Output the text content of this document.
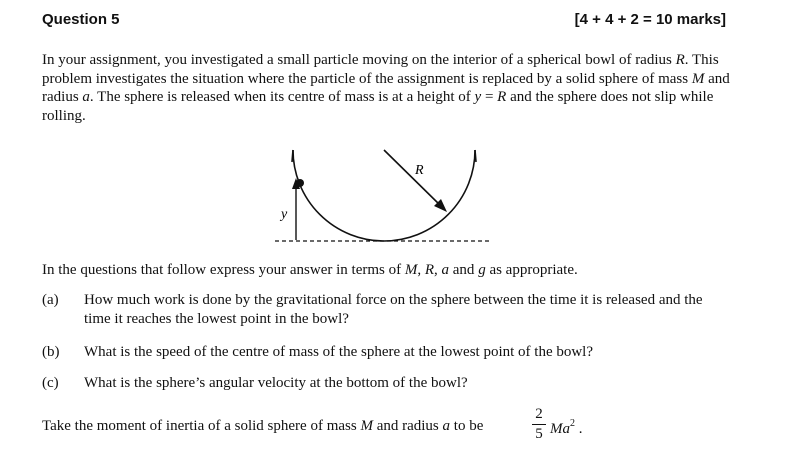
Question 5	[4 + 4 + 2 = 10 marks]
In your assignment, you investigated a small particle moving on the interior of a spherical bowl of radius R. This problem investigates the situation where the particle of the assignment is replaced by a solid sphere of mass M and radius a. The sphere is released when its centre of mass is at a height of y = R and the sphere does not slip while rolling.
R
y
In the questions that follow express your answer in terms of M, R, a and g as appropriate.
(a) How much work is done by the gravitational force on the sphere between the time it is released and the time it reaches the lowest point in the bowl?
(b) What is the speed of the centre of mass of the sphere at the lowest point of the bowl?
(c) What is the sphere’s angular velocity at the bottom of the bowl?
Take the moment of inertia of a solid sphere of mass M and radius a to be
2
5 Ma$^2$ .
